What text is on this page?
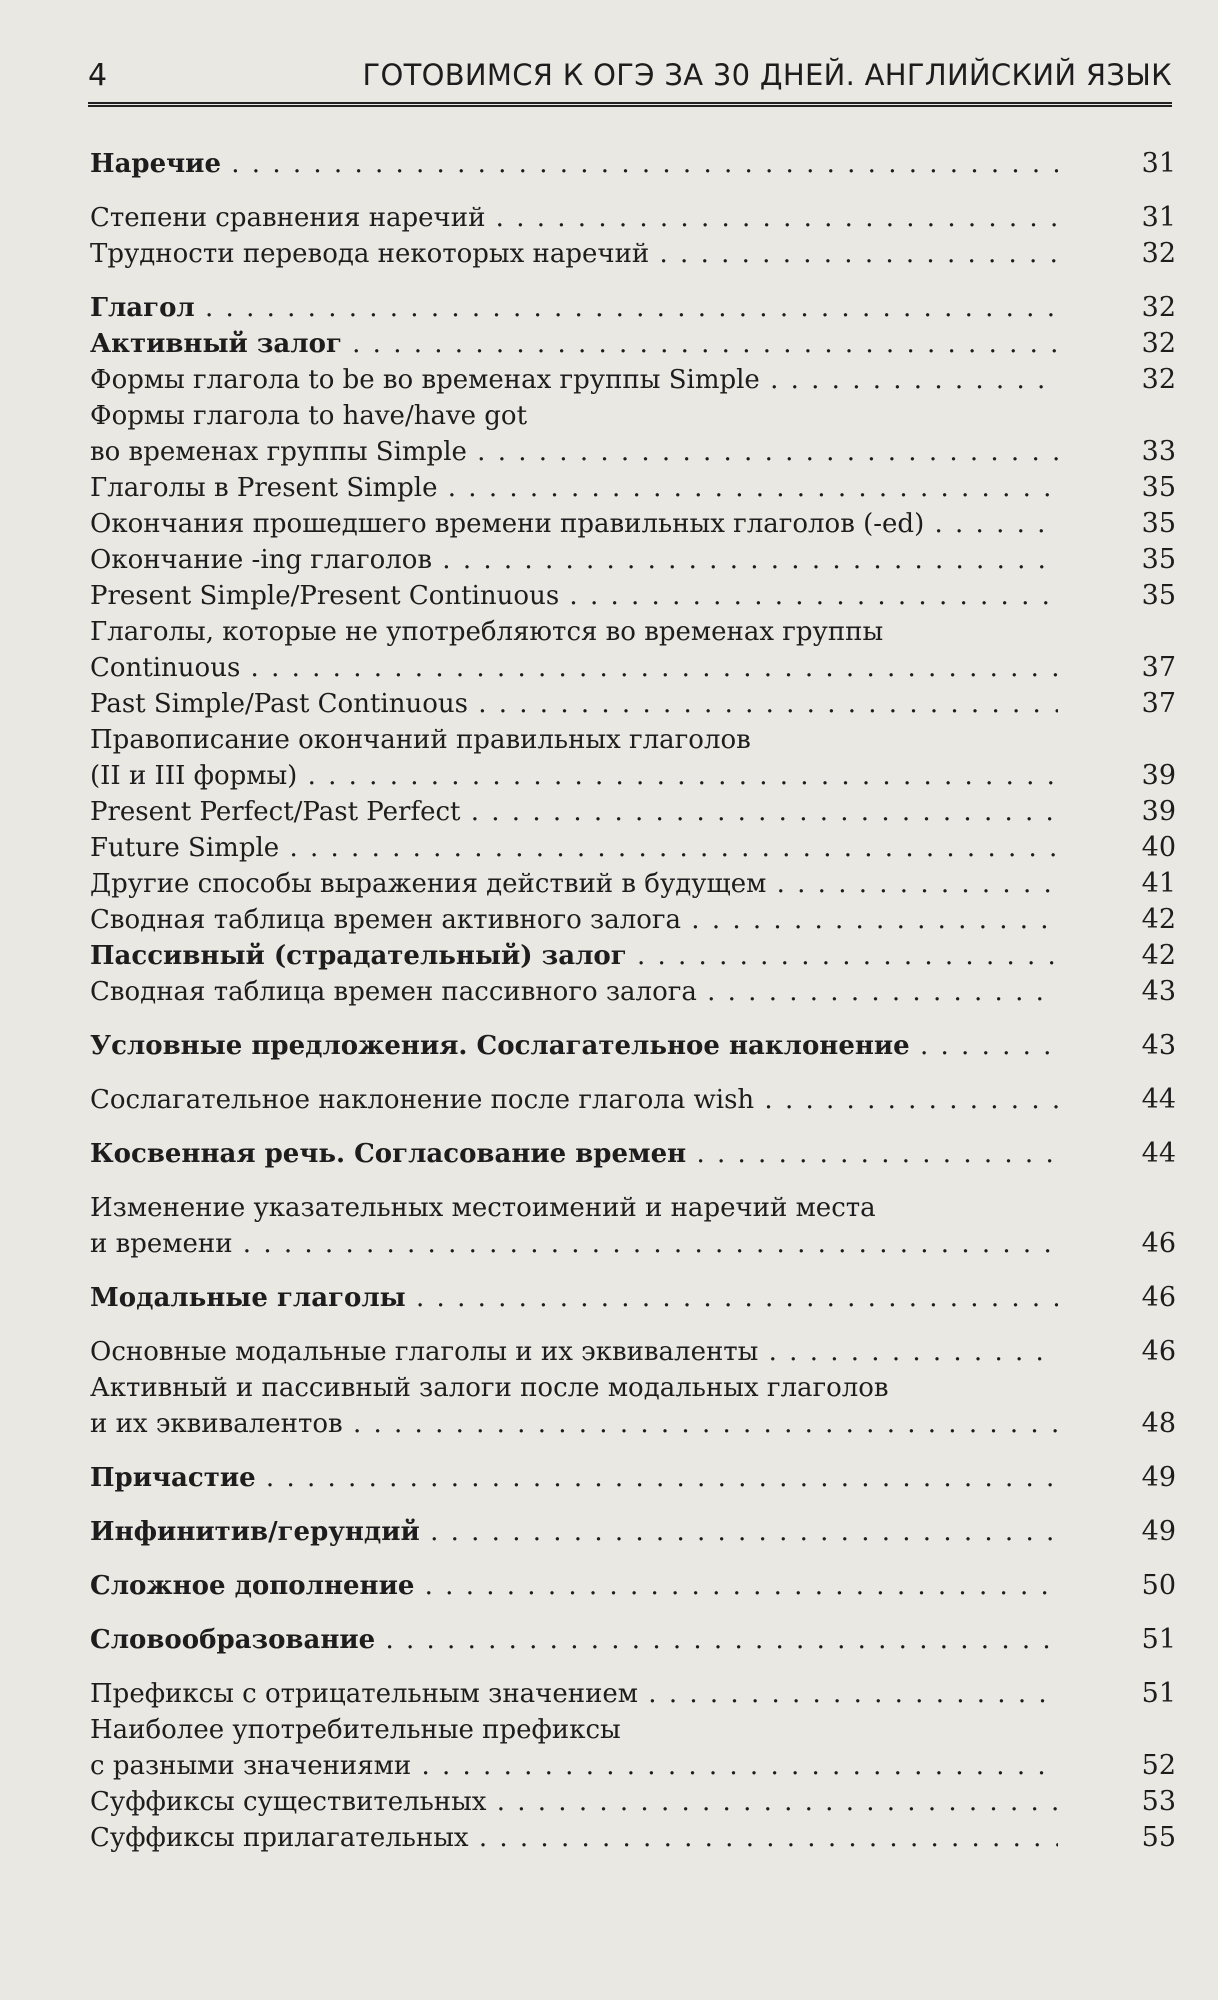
4	ГОТОВИМСЯ К ОГЭ ЗА 30 ДНЕЙ. АНГЛИЙСКИЙ ЯЗЫК
Наречие . . .	31
Степени сравнения наречий . . .	31
Трудности перевода некоторых наречий . . .	32
Глагол . . .	32
Активный залог . . .	32
Формы глагола to be во временах группы Simple . . .	32
Формы глагола to have/have got
во временах группы Simple . . .	33
Глаголы в Present Simple . . .	35
Окончания прошедшего времени правильных глаголов (-ed) . . .	35
Окончание -ing глаголов . . .	35
Present Simple/Present Continuous . . .	35
Глаголы, которые не употребляются во временах группы
Continuous . . .	37
Past Simple/Past Continuous . . .	37
Правописание окончаний правильных глаголов
(II и III формы) . . .	39
Present Perfect/Past Perfect . . .	39
Future Simple . . .	40
Другие способы выражения действий в будущем . . .	41
Сводная таблица времен активного залога . . .	42
Пассивный (страдательный) залог . . .	42
Сводная таблица времен пассивного залога . . .	43
Условные предложения. Сослагательное наклонение . . .	43
Сослагательное наклонение после глагола wish . . .	44
Косвенная речь. Согласование времен . . .	44
Изменение указательных местоимений и наречий места
и времени . . .	46
Модальные глаголы . . .	46
Основные модальные глаголы и их эквиваленты . . .	46
Активный и пассивный залоги после модальных глаголов
и их эквивалентов . . .	48
Причастие . . .	49
Инфинитив/герундий . . .	49
Сложное дополнение . . .	50
Словообразование . . .	51
Префиксы с отрицательным значением . . .	51
Наиболее употребительные префиксы
с разными значениями . . .	52
Суффиксы существительных . . .	53
Суффиксы прилагательных . . .	55
